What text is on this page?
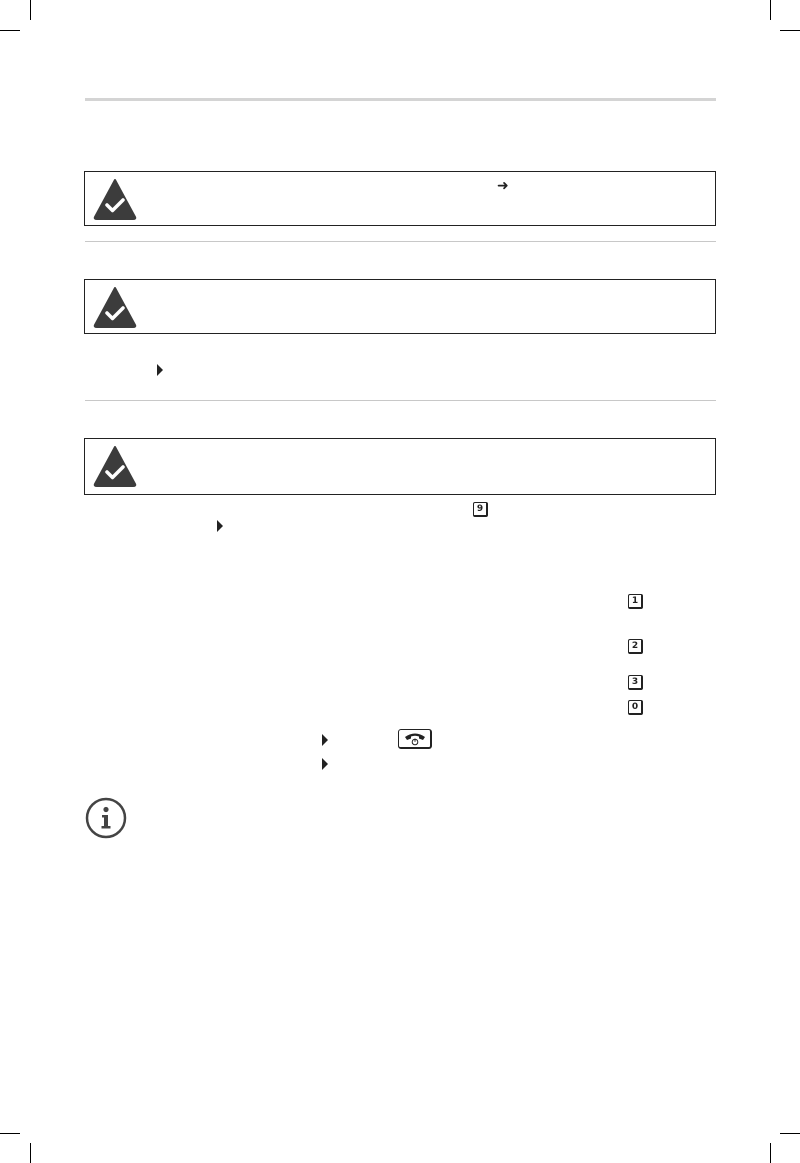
➜
9
1
2
3
0
